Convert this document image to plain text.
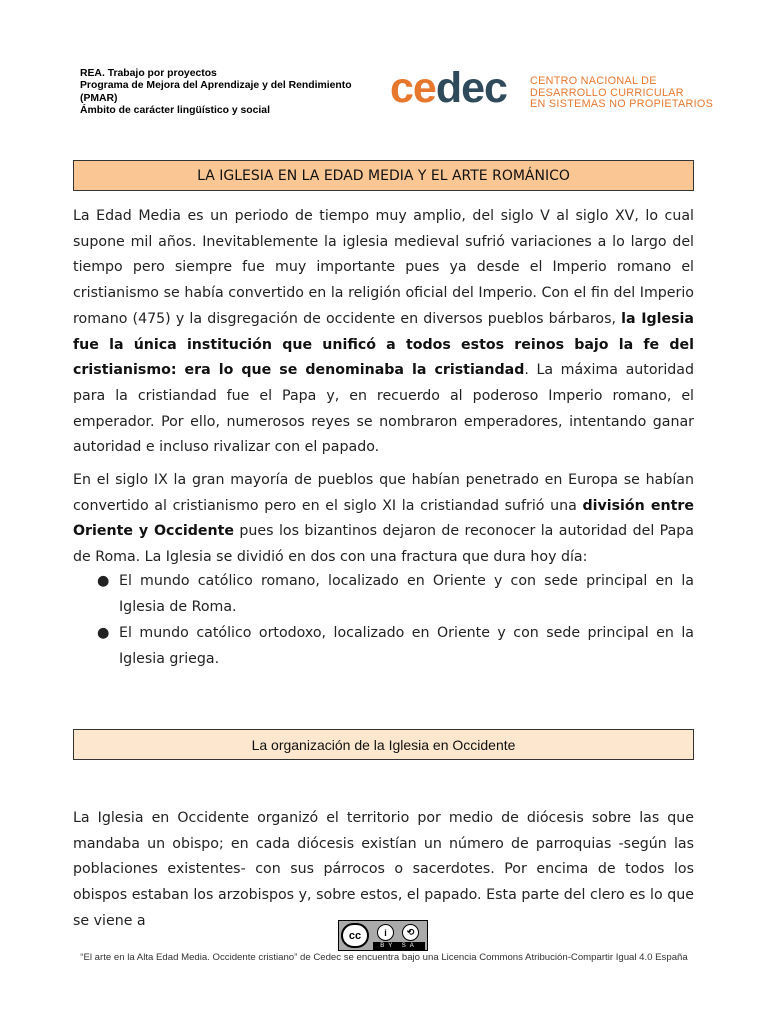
REA. Trabajo por proyectos
Programa de Mejora del Aprendizaje y del Rendimiento
(PMAR)
Ámbito de carácter lingüístico y social	cedec CENTRO NACIONAL DE
DESARROLLO CURRICULAR
EN SISTEMAS NO PROPIETARIOS
LA IGLESIA EN LA EDAD MEDIA Y EL ARTE ROMÁNICO

La Edad Media es un periodo de tiempo muy amplio, del siglo V al siglo XV, lo cual supone mil años. Inevitablemente la iglesia medieval sufrió variaciones a lo largo del tiempo pero siempre fue muy importante pues ya desde el Imperio romano el cristianismo se había convertido en la religión oficial del Imperio. Con el fin del Imperio romano (475) y la disgregación de occidente en diversos pueblos bárbaros, la Iglesia fue la única institución que unificó a todos estos reinos bajo la fe del cristianismo: era lo que se denominaba la cristiandad. La máxima autoridad para la cristiandad fue el Papa y, en recuerdo al poderoso Imperio romano, el emperador. Por ello, numerosos reyes se nombraron emperadores, intentando ganar autoridad e incluso rivalizar con el papado.

En el siglo IX la gran mayoría de pueblos que habían penetrado en Europa se habían convertido al cristianismo pero en el siglo XI la cristiandad sufrió una división entre Oriente y Occidente pues los bizantinos dejaron de reconocer la autoridad del Papa de Roma. La Iglesia se dividió en dos con una fractura que dura hoy día:

● El mundo católico romano, localizado en Oriente y con sede principal en la Iglesia de Roma.
● El mundo católico ortodoxo, localizado en Oriente y con sede principal en la Iglesia griega.
La organización de la Iglesia en Occidente

La Iglesia en Occidente organizó el territorio por medio de diócesis sobre las que mandaba un obispo; en cada diócesis existían un número de parroquias -según las poblaciones existentes- con sus párrocos o sacerdotes. Por encima de todos los obispos estaban los arzobispos y, sobre estos, el papado. Esta parte del clero es lo que se viene a

cc	i	⟲
BY SA
“El arte en la Alta Edad Media. Occidente cristiano” de Cedec se encuentra bajo una Licencia Commons Atribución-Compartir Igual 4.0 España
